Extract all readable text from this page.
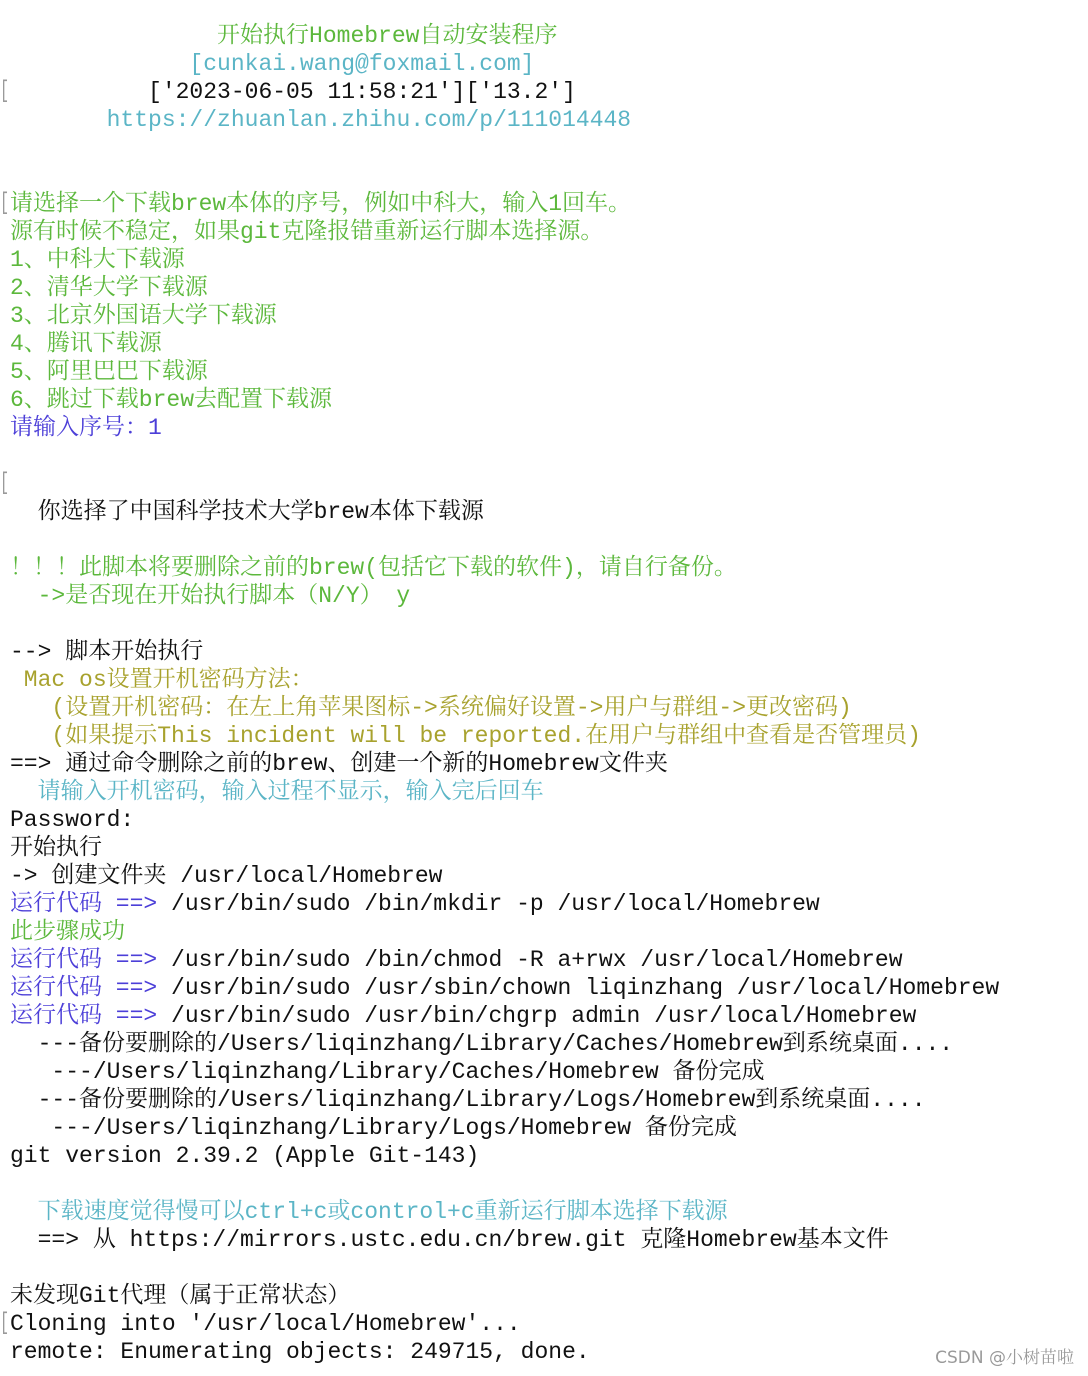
开始执行Homebrew自动安装程序
[cunkai.wang@foxmail.com]
[ ['2023-06-05 11:58:21']['13.2']
https://zhuanlan.zhihu.com/p/111014448
[ 请选择一个下载brew本体的序号，例如中科大，输入1回车。
源有时候不稳定，如果git克隆报错重新运行脚本选择源。
1、中科大下载源
2、清华大学下载源
3、北京外国语大学下载源
4、腾讯下载源
5、阿里巴巴下载源
6、跳过下载brew去配置下载源
请输入序号：1
[
你选择了中国科学技术大学brew本体下载源
！！！此脚本将要删除之前的brew(包括它下载的软件)，请自行备份。
->是否现在开始执行脚本（N/Y） y
--> 脚本开始执行
Mac os设置开机密码方法：
(设置开机密码：在左上角苹果图标->系统偏好设置->用户与群组->更改密码)
(如果提示This incident will be reported.在用户与群组中查看是否管理员)
==> 通过命令删除之前的brew、创建一个新的Homebrew文件夹
请输入开机密码，输入过程不显示，输入完后回车
Password:
开始执行
-> 创建文件夹 /usr/local/Homebrew
运行代码 ==> /usr/bin/sudo /bin/mkdir -p /usr/local/Homebrew
此步骤成功
运行代码 ==> /usr/bin/sudo /bin/chmod -R a+rwx /usr/local/Homebrew
运行代码 ==> /usr/bin/sudo /usr/sbin/chown liqinzhang /usr/local/Homebrew
运行代码 ==> /usr/bin/sudo /usr/bin/chgrp admin /usr/local/Homebrew
---备份要删除的/Users/liqinzhang/Library/Caches/Homebrew到系统桌面....
---/Users/liqinzhang/Library/Caches/Homebrew 备份完成
---备份要删除的/Users/liqinzhang/Library/Logs/Homebrew到系统桌面....
---/Users/liqinzhang/Library/Logs/Homebrew 备份完成
git version 2.39.2 (Apple Git-143)
下载速度觉得慢可以ctrl+c或control+c重新运行脚本选择下载源
==> 从 https://mirrors.ustc.edu.cn/brew.git 克隆Homebrew基本文件
未发现Git代理（属于正常状态）
[ Cloning into '/usr/local/Homebrew'...
remote: Enumerating objects: 249715, done.	CSDN @小树苗啦
